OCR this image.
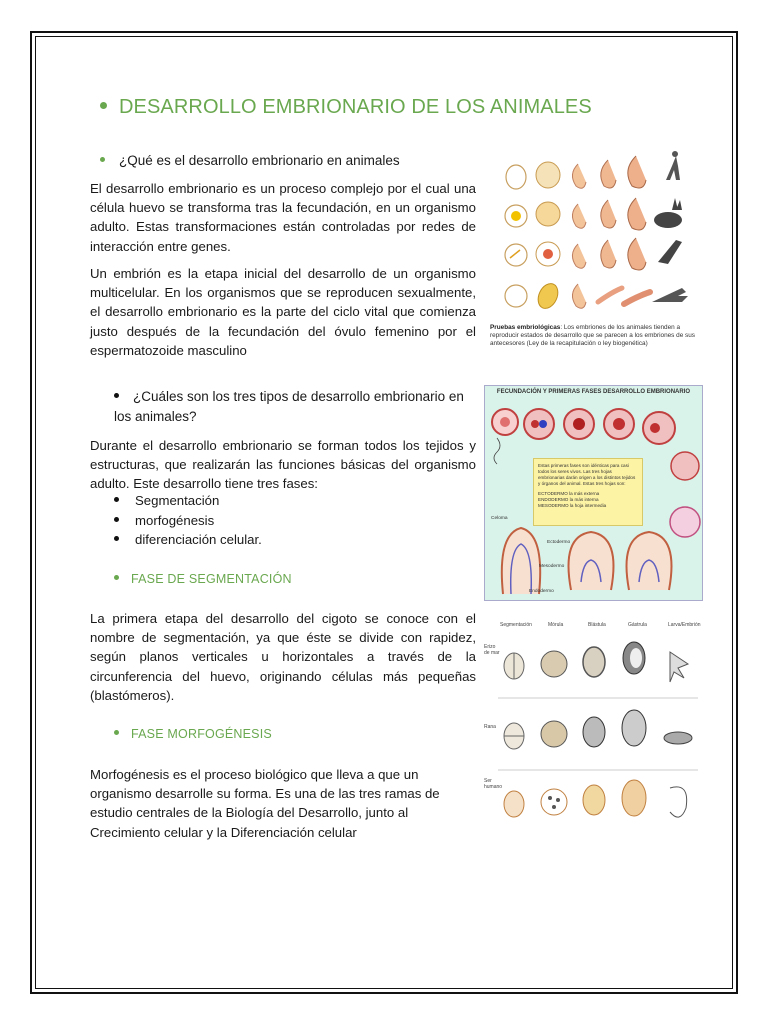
DESARROLLO EMBRIONARIO DE LOS ANIMALES
¿Qué es el desarrollo embrionario en animales
El desarrollo embrionario es un proceso complejo por el cual una célula huevo se transforma tras la fecundación, en un organismo adulto. Estas transformaciones están controladas por redes de interacción entre genes.
Un embrión es la etapa inicial del desarrollo de un organismo multicelular. En los organismos que se reproducen sexualmente, el desarrollo embrionario es la parte del ciclo vital que comienza justo después de la fecundación del óvulo femenino por el espermatozoide masculino
Pruebas embriológicas: Los embriones de los animales tienden a reproducir estados de desarrollo que se parecen a los embriones de sus antecesores (Ley de la recapitulación o ley biogenética)
¿Cuáles son los tres tipos de desarrollo embrionario en los animales?
Durante el desarrollo embrionario se forman todos los tejidos y estructuras, que realizarán las funciones básicas del organismo adulto. Este desarrollo tiene tres fases:
Segmentación
morfogénesis
diferenciación celular.
FASE DE SEGMENTACIÓN
FECUNDACIÓN Y PRIMERAS FASES DESARROLLO EMBRIONARIO
Estas primeras fases son idénticas para casi todos los seres vivos. Las tres hojas embrionarias darán origen a los distintos tejidos y órganos del animal. Estas tres hojas son:
ECTODERMO la más externa
ENDODERMO la más interna
MESODERMO la hoja intermedia
Celoma
Ectodermo
Mesodermo
Endodermo
La primera etapa del desarrollo del cigoto se conoce con el nombre de segmentación, ya que éste se divide con rapidez, según planos verticales u horizontales a través de la circunferencia del huevo, originando células más pequeñas (blastómeros).
FASE MORFOGÉNESIS
Morfogénesis es el proceso biológico que lleva a que un organismo desarrolle su forma. Es una de las tres ramas de estudio centrales de la Biología del Desarrollo, junto al Crecimiento celular y la Diferenciación celular
Segmentación	Mórula	Blástula	Gástrula	Larva/Embrión
Erizo de mar
Rana
Ser humano
